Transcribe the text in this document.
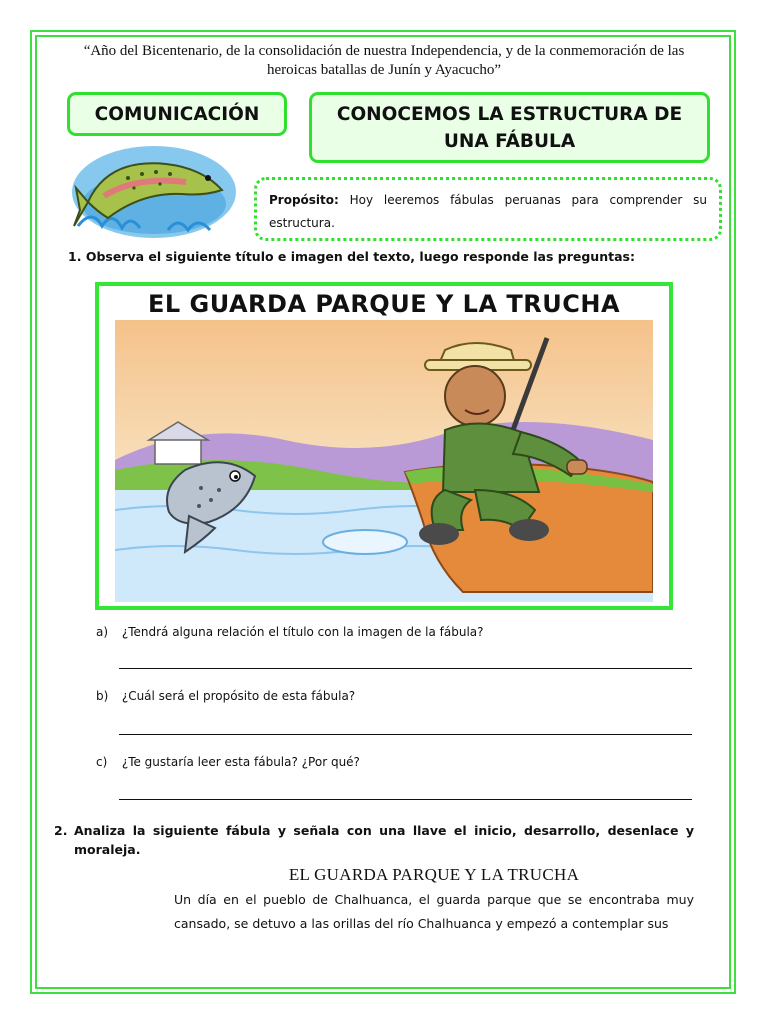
“Año del Bicentenario, de la consolidación de nuestra Independencia, y de la conmemoración de las heroicas batallas de Junín y Ayacucho”
COMUNICACIÓN	CONOCEMOS LA ESTRUCTURA DE UNA FÁBULA
Propósito: Hoy leeremos fábulas peruanas para comprender su estructura.
1. Observa el siguiente título e imagen del texto, luego responde las preguntas:
EL GUARDA PARQUE Y LA TRUCHA
a) ¿Tendrá alguna relación el título con la imagen de la fábula?
b) ¿Cuál será el propósito de esta fábula?
c) ¿Te gustaría leer esta fábula? ¿Por qué?
2. Analiza la siguiente fábula y señala con una llave el inicio, desarrollo, desenlace y moraleja.
EL GUARDA PARQUE Y LA TRUCHA
Un día en el pueblo de Chalhuanca, el guarda parque que se encontraba muy cansado, se detuvo a las orillas del río Chalhuanca y empezó a contemplar sus
